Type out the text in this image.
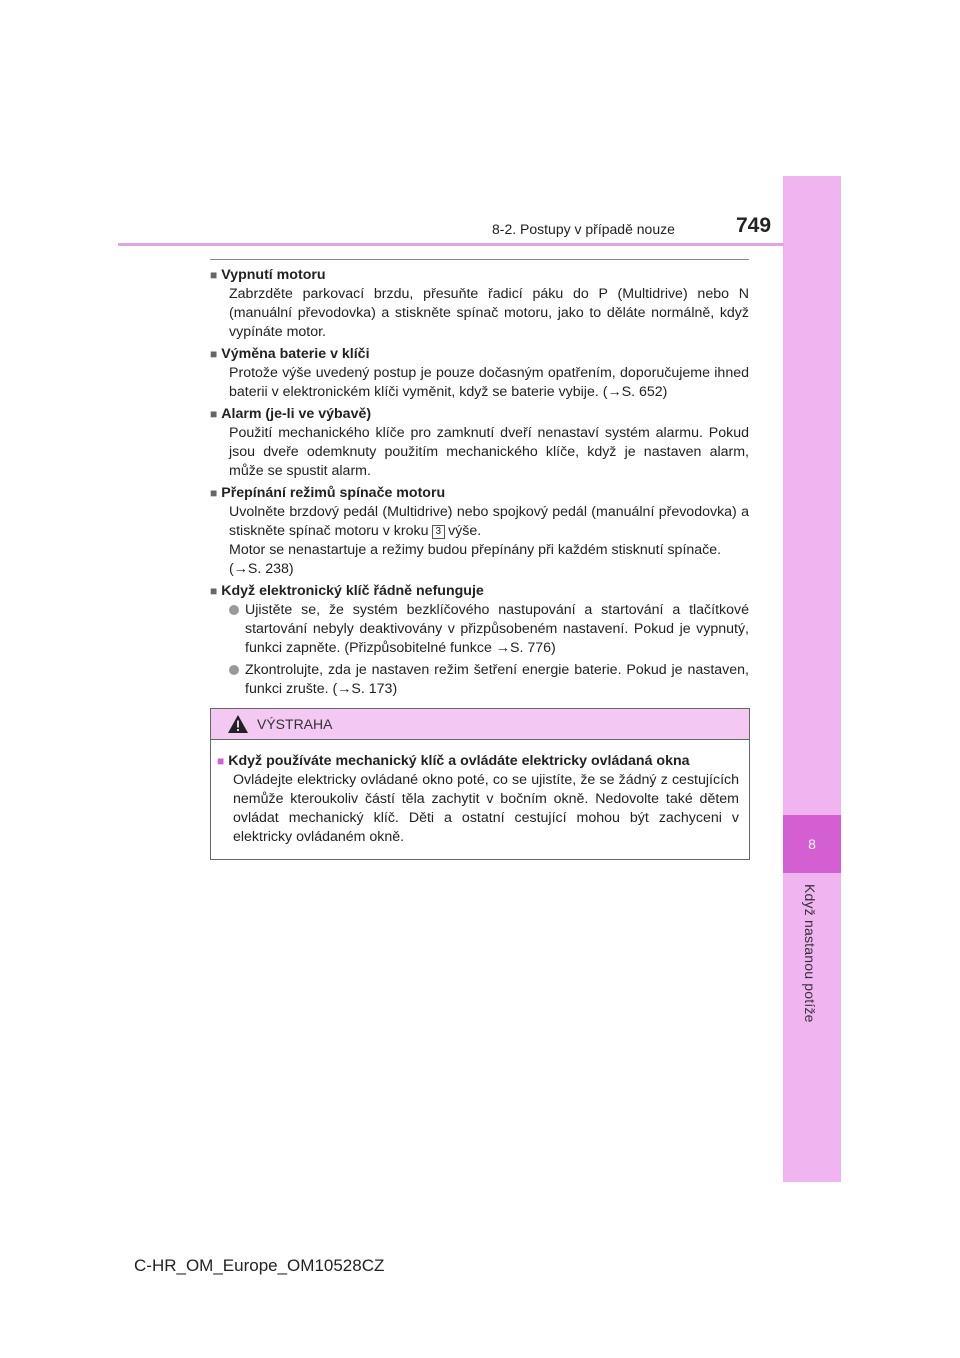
8
Když nastanou potíže
8-2. Postupy v případě nouze	749
■ Vypnutí motoru
Zabrzděte parkovací brzdu, přesuňte řadicí páku do P (Multidrive) nebo N (manuální převodovka) a stiskněte spínač motoru, jako to děláte normálně, když vypínáte motor.
■ Výměna baterie v klíči
Protože výše uvedený postup je pouze dočasným opatřením, doporučujeme ihned baterii v elektronickém klíči vyměnit, když se baterie vybije. (→S. 652)
■ Alarm (je-li ve výbavě)
Použití mechanického klíče pro zamknutí dveří nenastaví systém alarmu. Pokud jsou dveře odemknuty použitím mechanického klíče, když je nastaven alarm, může se spustit alarm.
■ Přepínání režimů spínače motoru
Uvolněte brzdový pedál (Multidrive) nebo spojkový pedál (manuální převodovka) a stiskněte spínač motoru v kroku 3 výše.
Motor se nenastartuje a režimy budou přepínány při každém stisknutí spínače.
(→S. 238)
■ Když elektronický klíč řádně nefunguje
Ujistěte se, že systém bezklíčového nastupování a startování a tlačítkové startování nebyly deaktivovány v přizpůsobeném nastavení. Pokud je vypnutý, funkci zapněte. (Přizpůsobitelné funkce →S. 776)
Zkontrolujte, zda je nastaven režim šetření energie baterie. Pokud je nastaven, funkci zrušte. (→S. 173)
VÝSTRAHA
■ Když používáte mechanický klíč a ovládáte elektricky ovládaná okna
Ovládejte elektricky ovládané okno poté, co se ujistíte, že se žádný z cestujících nemůže kteroukoliv částí těla zachytit v bočním okně. Nedovolte také dětem ovládat mechanický klíč. Děti a ostatní cestující mohou být zachyceni v elektricky ovládaném okně.
C-HR_OM_Europe_OM10528CZ
